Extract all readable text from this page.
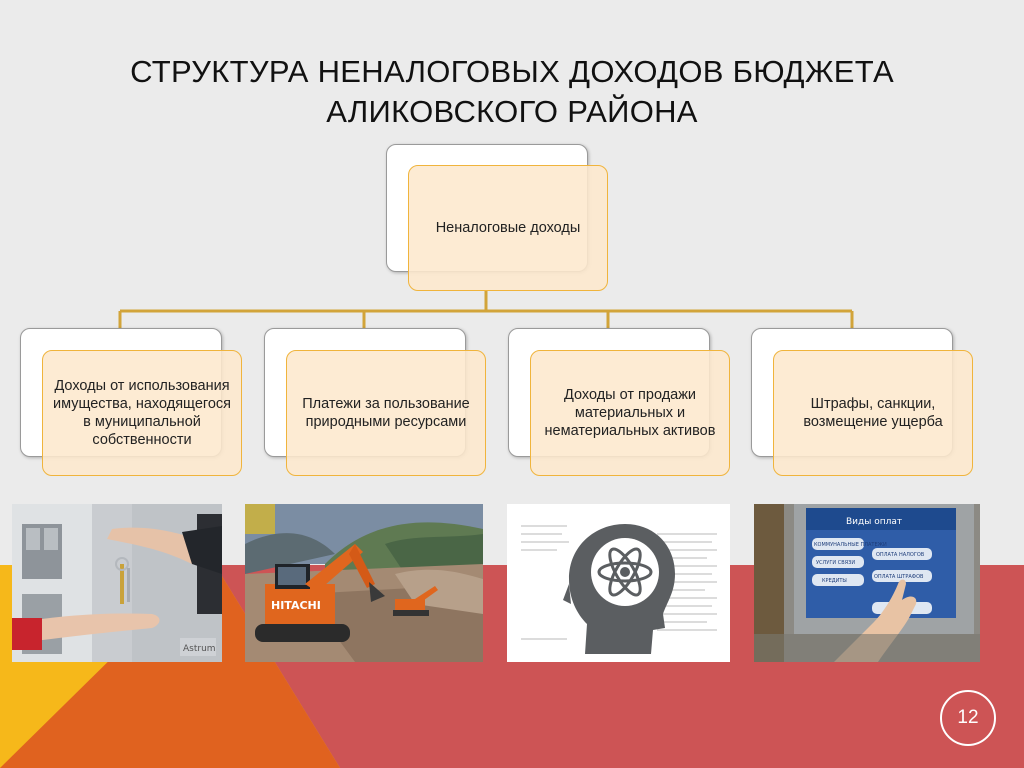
СТРУКТУРА НЕНАЛОГОВЫХ ДОХОДОВ БЮДЖЕТА
АЛИКОВСКОГО РАЙОНА
Неналоговые доходы
Доходы от использования имущества, находящегося в муниципальной собственности
Платежи за пользование природными ресурсами
Доходы от продажи материальных и нематериальных активов
Штрафы, санкции, возмещение ущерба
Astrum
HITACHI
Виды оплат
КОММУНАЛЬНЫЕ ПЛАТЕЖИ
ОПЛАТА НАЛОГОВ
УСЛУГИ СВЯЗИ
ОПЛАТА ШТРАФОВ
КРЕДИТЫ
12
